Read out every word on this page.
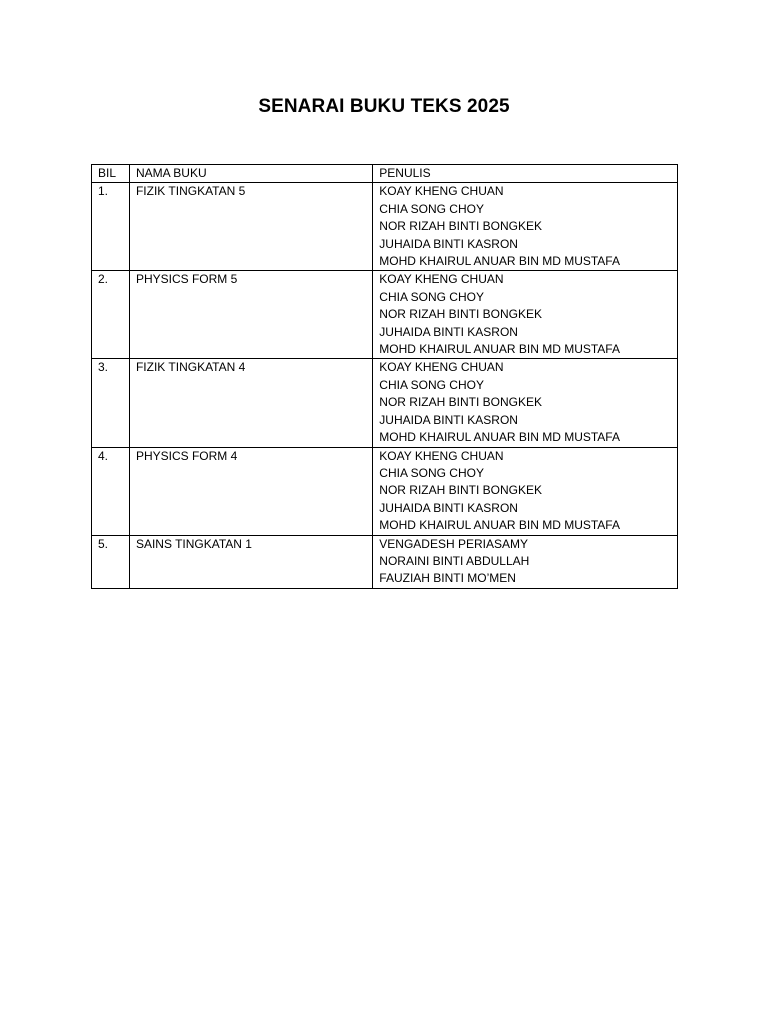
SENARAI BUKU TEKS 2025
BIL	NAMA BUKU	PENULIS
1.	FIZIK TINGKATAN 5	KOAY KHENG CHUAN
CHIA SONG CHOY
NOR RIZAH BINTI BONGKEK
JUHAIDA BINTI KASRON
MOHD KHAIRUL ANUAR BIN MD MUSTAFA

2.	PHYSICS FORM 5	KOAY KHENG CHUAN
CHIA SONG CHOY
NOR RIZAH BINTI BONGKEK
JUHAIDA BINTI KASRON
MOHD KHAIRUL ANUAR BIN MD MUSTAFA

3.	FIZIK TINGKATAN 4	KOAY KHENG CHUAN
CHIA SONG CHOY
NOR RIZAH BINTI BONGKEK
JUHAIDA BINTI KASRON
MOHD KHAIRUL ANUAR BIN MD MUSTAFA

4.	PHYSICS FORM 4	KOAY KHENG CHUAN
CHIA SONG CHOY
NOR RIZAH BINTI BONGKEK
JUHAIDA BINTI KASRON
MOHD KHAIRUL ANUAR BIN MD MUSTAFA

5.	SAINS TINGKATAN 1	VENGADESH PERIASAMY
NORAINI BINTI ABDULLAH
FAUZIAH BINTI MO’MEN
